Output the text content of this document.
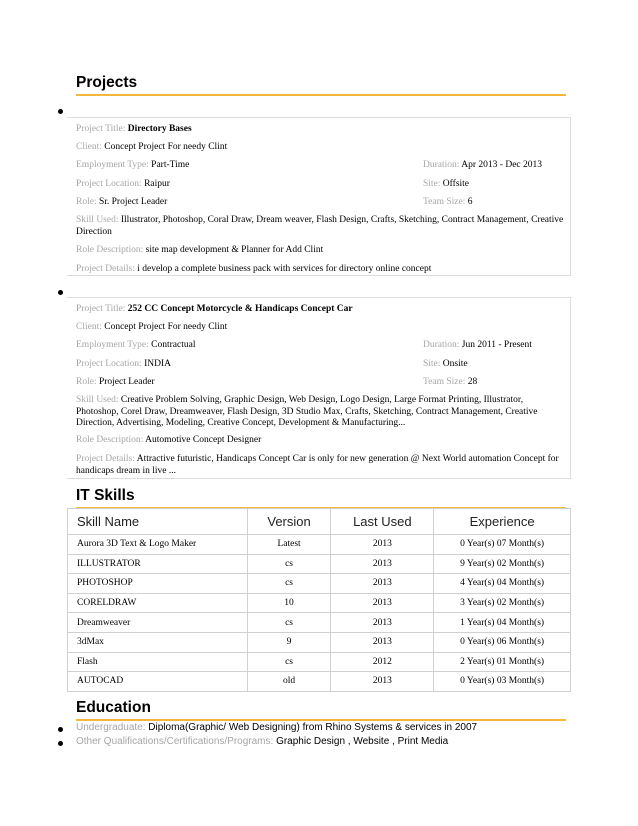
Projects
Project Title: Directory Bases
Client: Concept Project For needy Clint
Employment Type: Part-Time	Duration: Apr 2013 - Dec 2013
Project Location: Raipur	Site: Offsite
Role: Sr. Project Leader	Team Size: 6
Skill Used: Illustrator, Photoshop, Coral Draw, Dream weaver, Flash Design, Crafts, Sketching, Contract Management, Creative Direction
Role Description: site map development & Planner for Add Clint
Project Details: i develop a complete business pack with services for directory online concept
Project Title: 252 CC Concept Motorcycle & Handicaps Concept Car
Client: Concept Project For needy Clint
Employment Type: Contractual	Duration: Jun 2011 - Present
Project Location: INDIA	Site: Onsite
Role: Project Leader	Team Size: 28
Skill Used: Creative Problem Solving, Graphic Design, Web Design, Logo Design, Large Format Printing, Illustrator, Photoshop, Corel Draw, Dreamweaver, Flash Design, 3D Studio Max, Crafts, Sketching, Contract Management, Creative Direction, Advertising, Modeling, Creative Concept, Development & Manufacturing...
Role Description: Automotive Concept Designer
Project Details: Attractive futuristic, Handicaps Concept Car is only for new generation @ Next World automation Concept for handicaps dream in live ...
IT Skills
Skill Name	Version	Last Used	Experience
Aurora 3D Text & Logo Maker	Latest	2013	0 Year(s) 07 Month(s)
ILLUSTRATOR	cs	2013	9 Year(s) 02 Month(s)
PHOTOSHOP	cs	2013	4 Year(s) 04 Month(s)
CORELDRAW	10	2013	3 Year(s) 02 Month(s)
Dreamweaver	cs	2013	1 Year(s) 04 Month(s)
3dMax	9	2013	0 Year(s) 06 Month(s)
Flash	cs	2012	2 Year(s) 01 Month(s)
AUTOCAD	old	2013	0 Year(s) 03 Month(s)
Education
Undergraduate: Diploma(Graphic/ Web Designing) from Rhino Systems & services in 2007
Other Qualifications/Certifications/Programs: Graphic Design , Website , Print Media
